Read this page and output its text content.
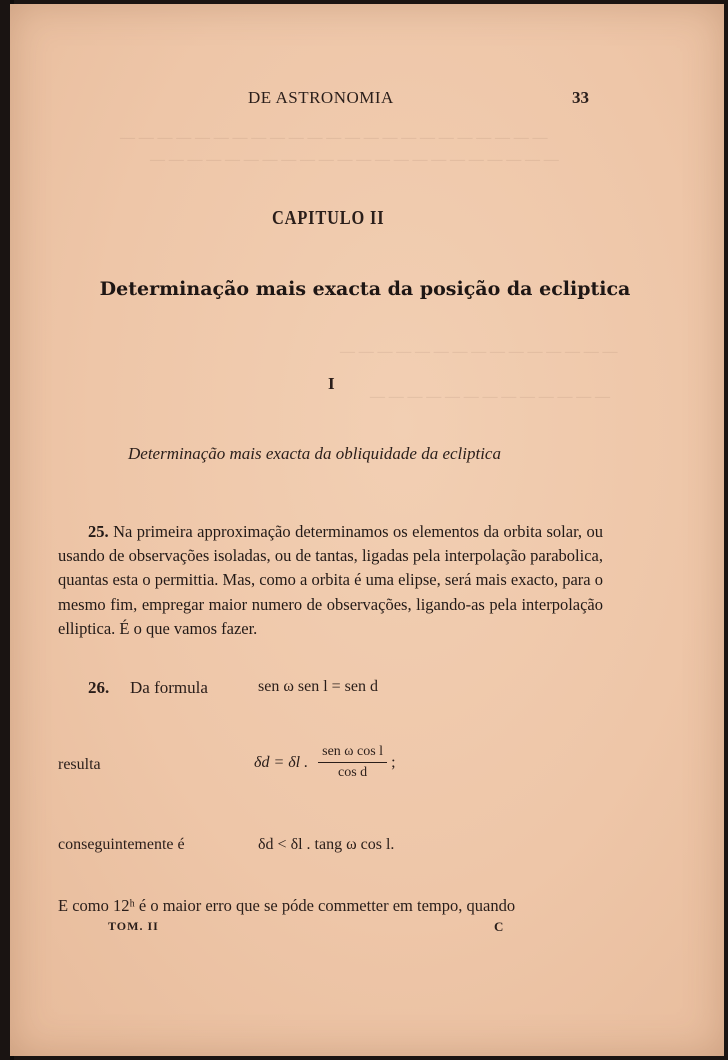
— — — — — — — — — — — — — — — — — — — — — — —
— — — — — — — — — — — — — — — — — — — — — —
— — — — — — — — — — — — — — —
— — — — — — — — — — — — —
DE ASTRONOMIA	33
CAPITULO II
Determinação mais exacta da posição da ecliptica
I
Determinação mais exacta da obliquidade da ecliptica
25. Na primeira approximação determinamos os elementos da orbita solar, ou usando de observações isoladas, ou de tantas, ligadas pela interpolação parabolica, quantas esta o permittia. Mas, como a orbita é uma elipse, será mais exacto, para o mesmo fim, empregar maior numero de observações, ligando-as pela interpolação elliptica. É o que vamos fazer.
26. Da formula	sen ω sen l = sen d
resulta	δd = δl . $\frac{\text{sen ω cos l}}{\text{cos d}}$ ;
conseguintemente é	δd < δl . tang ω cos l.
E como 12ʰ é o maior erro que se póde commetter em tempo, quando
TOM. II	C
